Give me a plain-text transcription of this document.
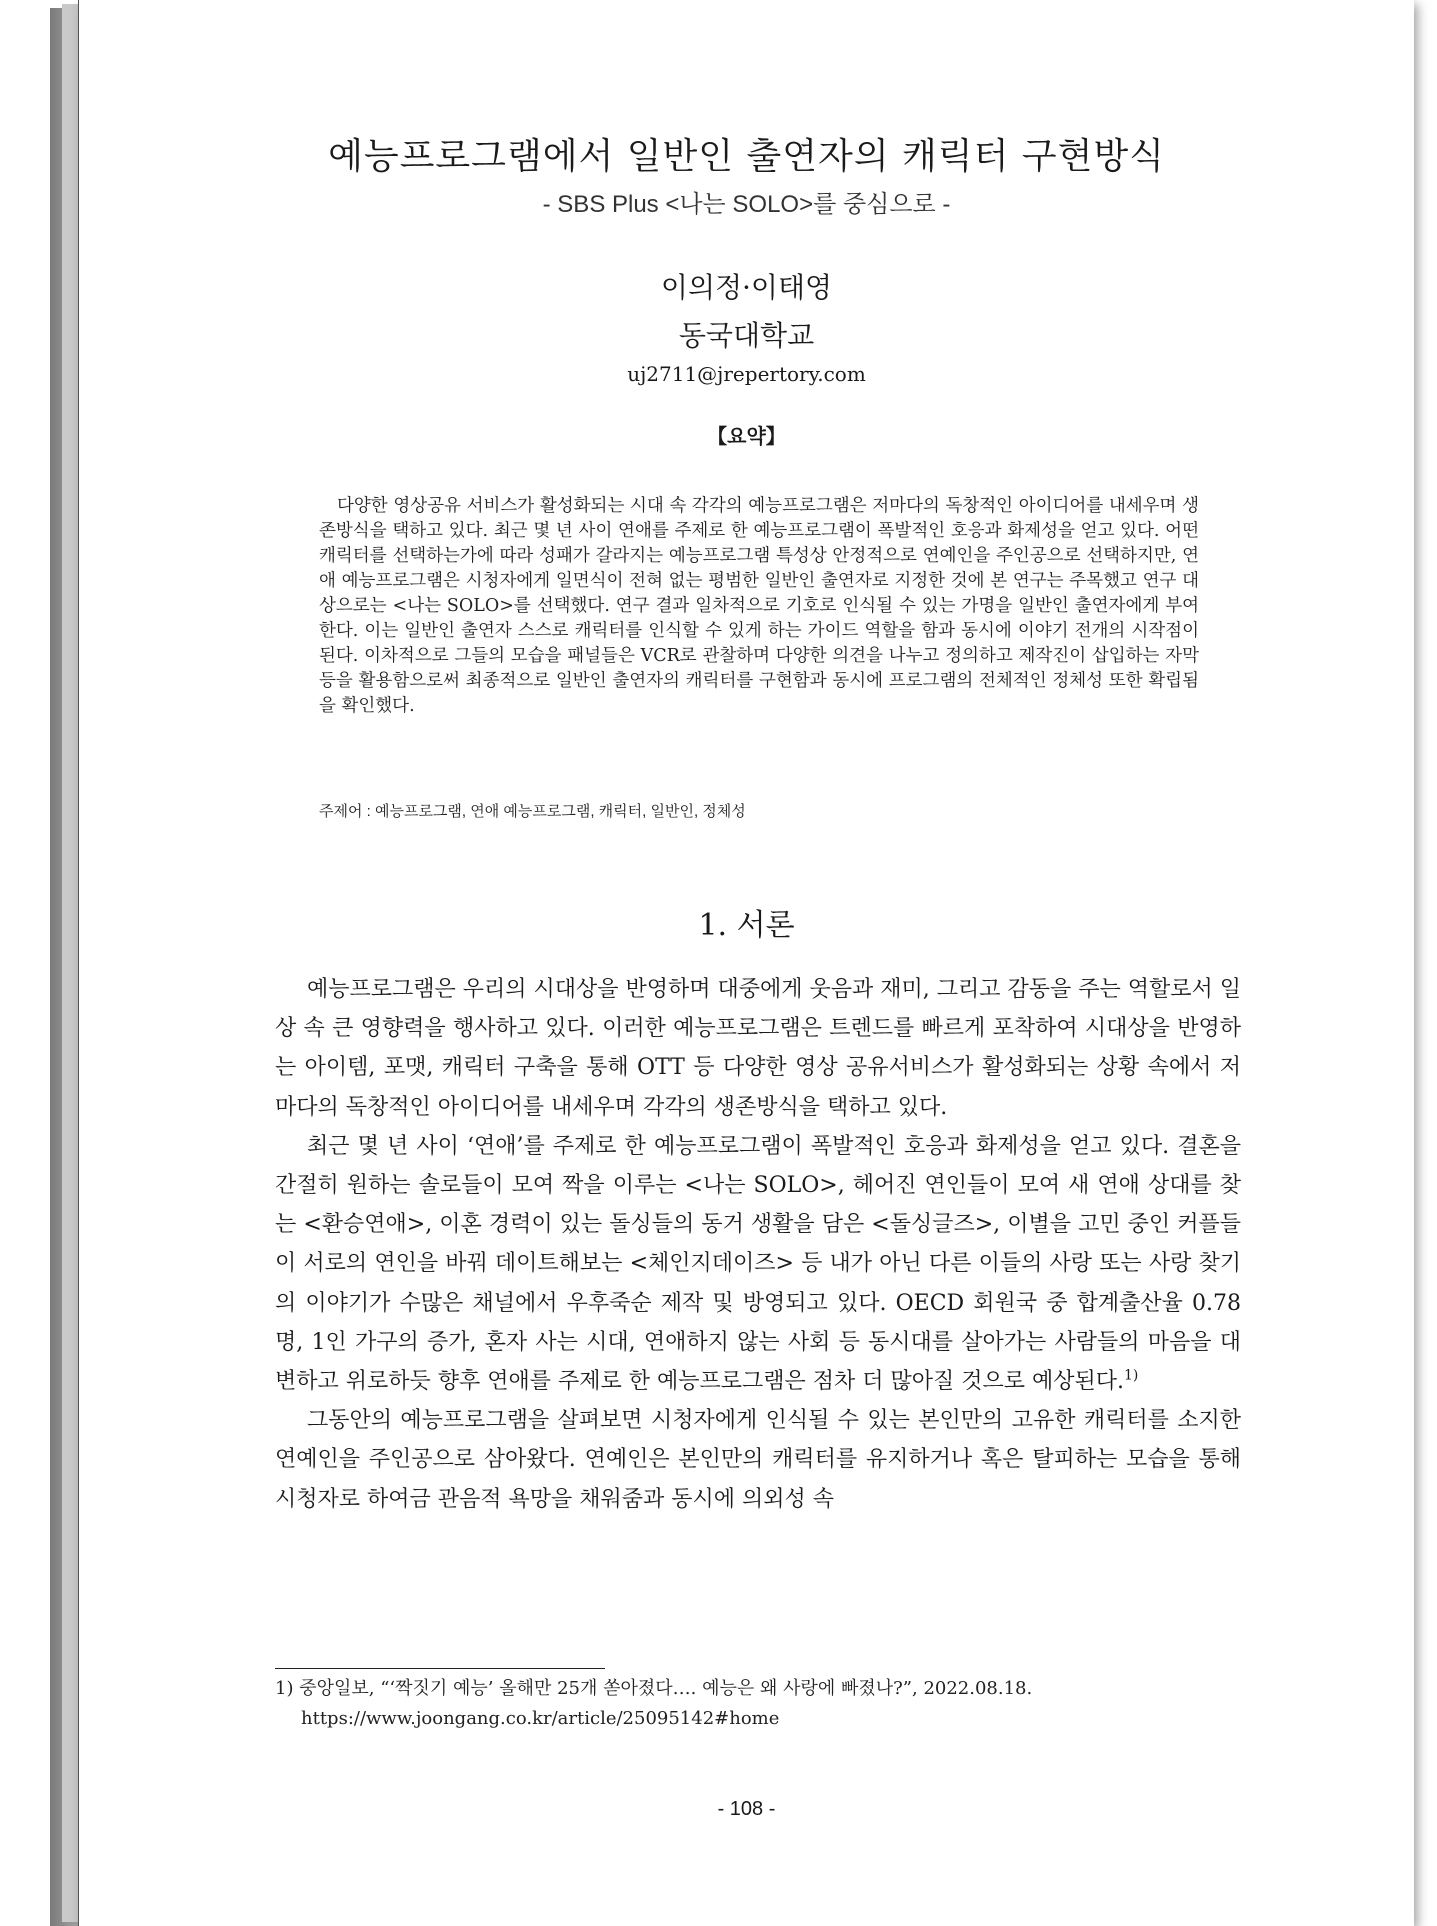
예능프로그램에서 일반인 출연자의 캐릭터 구현방식
- SBS Plus <나는 SOLO>를 중심으로 -
이의정·이태영
동국대학교
uj2711@jrepertory.com
【요약】
다양한 영상공유 서비스가 활성화되는 시대 속 각각의 예능프로그램은 저마다의 독창적인 아이디어를 내세우며 생존방식을 택하고 있다. 최근 몇 년 사이 연애를 주제로 한 예능프로그램이 폭발적인 호응과 화제성을 얻고 있다. 어떤 캐릭터를 선택하는가에 따라 성패가 갈라지는 예능프로그램 특성상 안정적으로 연예인을 주인공으로 선택하지만, 연애 예능프로그램은 시청자에게 일면식이 전혀 없는 평범한 일반인 출연자로 지정한 것에 본 연구는 주목했고 연구 대상으로는 <나는 SOLO>를 선택했다. 연구 결과 일차적으로 기호로 인식될 수 있는 가명을 일반인 출연자에게 부여한다. 이는 일반인 출연자 스스로 캐릭터를 인식할 수 있게 하는 가이드 역할을 함과 동시에 이야기 전개의 시작점이 된다. 이차적으로 그들의 모습을 패널들은 VCR로 관찰하며 다양한 의견을 나누고 정의하고 제작진이 삽입하는 자막 등을 활용함으로써 최종적으로 일반인 출연자의 캐릭터를 구현함과 동시에 프로그램의 전체적인 정체성 또한 확립됨을 확인했다.
주제어 : 예능프로그램, 연애 예능프로그램, 캐릭터, 일반인, 정체성
1. 서론

예능프로그램은 우리의 시대상을 반영하며 대중에게 웃음과 재미, 그리고 감동을 주는 역할로서 일상 속 큰 영향력을 행사하고 있다. 이러한 예능프로그램은 트렌드를 빠르게 포착하여 시대상을 반영하는 아이템, 포맷, 캐릭터 구축을 통해 OTT 등 다양한 영상 공유서비스가 활성화되는 상황 속에서 저마다의 독창적인 아이디어를 내세우며 각각의 생존방식을 택하고 있다.

최근 몇 년 사이 ‘연애’를 주제로 한 예능프로그램이 폭발적인 호응과 화제성을 얻고 있다. 결혼을 간절히 원하는 솔로들이 모여 짝을 이루는 <나는 SOLO>, 헤어진 연인들이 모여 새 연애 상대를 찾는 <환승연애>, 이혼 경력이 있는 돌싱들의 동거 생활을 담은 <돌싱글즈>, 이별을 고민 중인 커플들이 서로의 연인을 바꿔 데이트해보는 <체인지데이즈> 등 내가 아닌 다른 이들의 사랑 또는 사랑 찾기의 이야기가 수많은 채널에서 우후죽순 제작 및 방영되고 있다. OECD 회원국 중 합계출산율 0.78명, 1인 가구의 증가, 혼자 사는 시대, 연애하지 않는 사회 등 동시대를 살아가는 사람들의 마음을 대변하고 위로하듯 향후 연애를 주제로 한 예능프로그램은 점차 더 많아질 것으로 예상된다.$^{1)}$

그동안의 예능프로그램을 살펴보면 시청자에게 인식될 수 있는 본인만의 고유한 캐릭터를 소지한 연예인을 주인공으로 삼아왔다. 연예인은 본인만의 캐릭터를 유지하거나 혹은 탈피하는 모습을 통해 시청자로 하여금 관음적 욕망을 채워줌과 동시에 의외성 속

1) 중앙일보, “‘짝짓기 예능’ 올해만 25개 쏟아졌다…. 예능은 왜 사랑에 빠졌나?”, 2022.08.18.
https://www.joongang.co.kr/article/25095142#home
- 108 -
